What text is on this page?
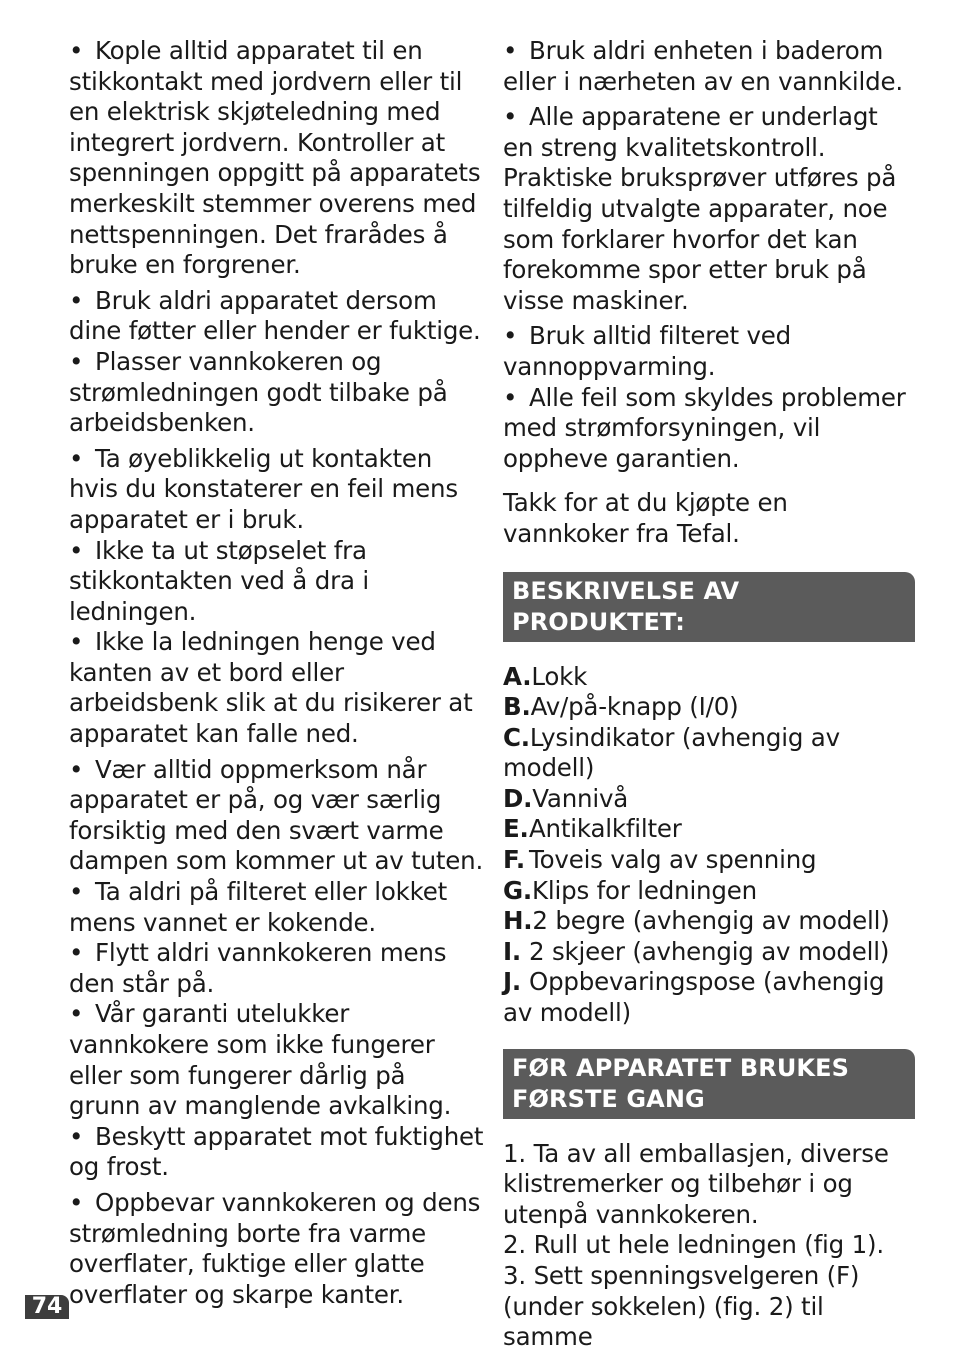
• Kople alltid apparatet til en stikkontakt med jordvern eller til en elektrisk skjøteledning med integrert jordvern. Kontroller at spenningen oppgitt på apparatets merkeskilt stemmer overens med nettspenningen. Det frarådes å bruke en forgrener.

• Bruk aldri apparatet dersom dine føtter eller hender er fuktige.

• Plasser vannkokeren og strømledningen godt tilbake på arbeidsbenken.

• Ta øyeblikkelig ut kontakten hvis du konstaterer en feil mens apparatet er i bruk.

• Ikke ta ut støpselet fra stikkontakten ved å dra i ledningen.

• Ikke la ledningen henge ved kanten av et bord eller arbeidsbenk slik at du risikerer at apparatet kan falle ned.

• Vær alltid oppmerksom når apparatet er på, og vær særlig forsiktig med den svært varme dampen som kommer ut av tuten.

• Ta aldri på filteret eller lokket mens vannet er kokende.

• Flytt aldri vannkokeren mens den står på.

• Vår garanti utelukker vannkokere som ikke fungerer eller som fungerer dårlig på grunn av manglende avkalking.

• Beskytt apparatet mot fuktighet og frost.

• Oppbevar vannkokeren og dens strømledning borte fra varme overflater, fuktige eller glatte overflater og skarpe kanter.

• Bruk aldri enheten i baderom eller i nærheten av en vannkilde.

• Alle apparatene er underlagt en streng kvalitetskontroll. Praktiske bruksprøver utføres på tilfeldig utvalgte apparater, noe som forklarer hvorfor det kan forekomme spor etter bruk på visse maskiner.

• Bruk alltid filteret ved vannoppvarming.

• Alle feil som skyldes problemer med strømforsyningen, vil oppheve garantien.

Takk for at du kjøpte en vannkoker fra Tefal.

BESKRIVELSE AV PRODUKTET:

A.Lokk

B.Av/på-knapp (I/0)

C.Lysindikator (avhengig av modell)

D.Vannivå

E.Antikalkfilter

F. Toveis valg av spenning

G.Klips for ledningen

H.2 begre (avhengig av modell)

I. 2 skjeer (avhengig av modell)

J. Oppbevaringspose (avhengig av modell)

FØR APPARATET BRUKES FØRSTE GANG

1. Ta av all emballasjen, diverse klistremerker og tilbehør i og utenpå vannkokeren.

2. Rull ut hele ledningen (fig 1).

3. Sett spenningsvelgeren (F) (under sokkelen) (fig. 2) til samme

74
